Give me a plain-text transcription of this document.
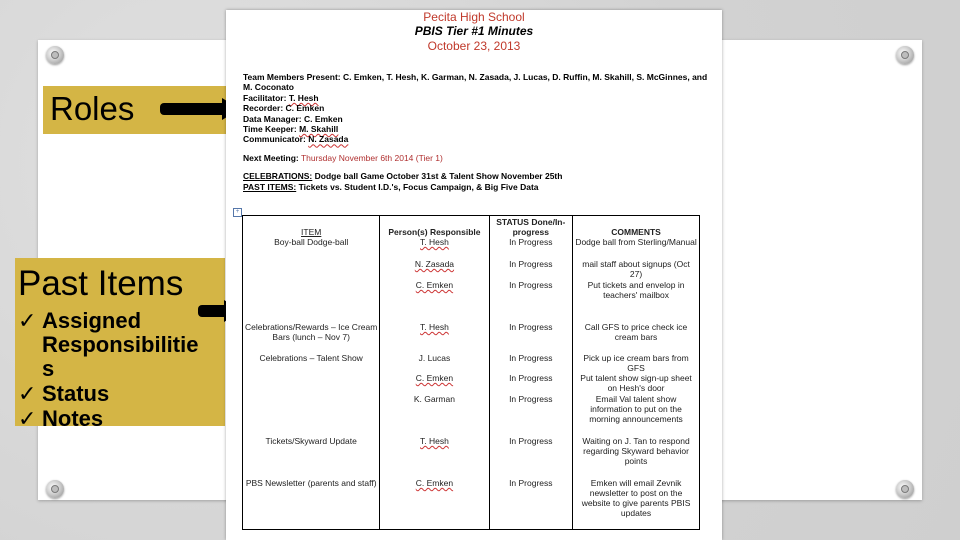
Roles
Past Items
✓ Assigned Responsibilitie s
✓ Status
✓ Notes
Pecita High School
PBIS Tier #1 Minutes
October 23, 2013
Team Members Present: C. Emken, T. Hesh, K. Garman, N. Zasada, J. Lucas, D. Ruffin, M. Skahill, S. McGinnes, and M. Coconato
Facilitator: T. Hesh
Recorder: C. Emken
Data Manager: C. Emken
Time Keeper: M. Skahill
Communicator: N. Zasada
Next Meeting: Thursday November 6th 2014 (Tier 1)
CELEBRATIONS: Dodge ball Game October 31st & Talent Show November 25th
PAST ITEMS: Tickets vs. Student I.D.'s, Focus Campaign, & Big Five Data
+
ITEM	Person(s) Responsible	STATUS Done/In-progress	COMMENTS
Boy-ball Dodge-ball	T. Hesh	In Progress	Dodge ball from Sterling/Manual
	N. Zasada	In Progress	mail staff about signups (Oct 27)
	C. Emken	In Progress	Put tickets and envelop in teachers' mailbox
Celebrations/Rewards – Ice Cream Bars (lunch – Nov 7)	T. Hesh	In Progress	Call GFS to price check ice cream bars
Celebrations – Talent Show	J. Lucas	In Progress	Pick up ice cream bars from GFS
	C. Emken	In Progress	Put talent show sign-up sheet on Hesh's door
	K. Garman	In Progress	Email Val talent show information to put on the morning announcements
Tickets/Skyward Update	T. Hesh	In Progress	Waiting on J. Tan to respond regarding Skyward behavior points
PBS Newsletter (parents and staff)	C. Emken	In Progress	Emken will email Zevnik newsletter to post on the website to give parents PBIS updates
